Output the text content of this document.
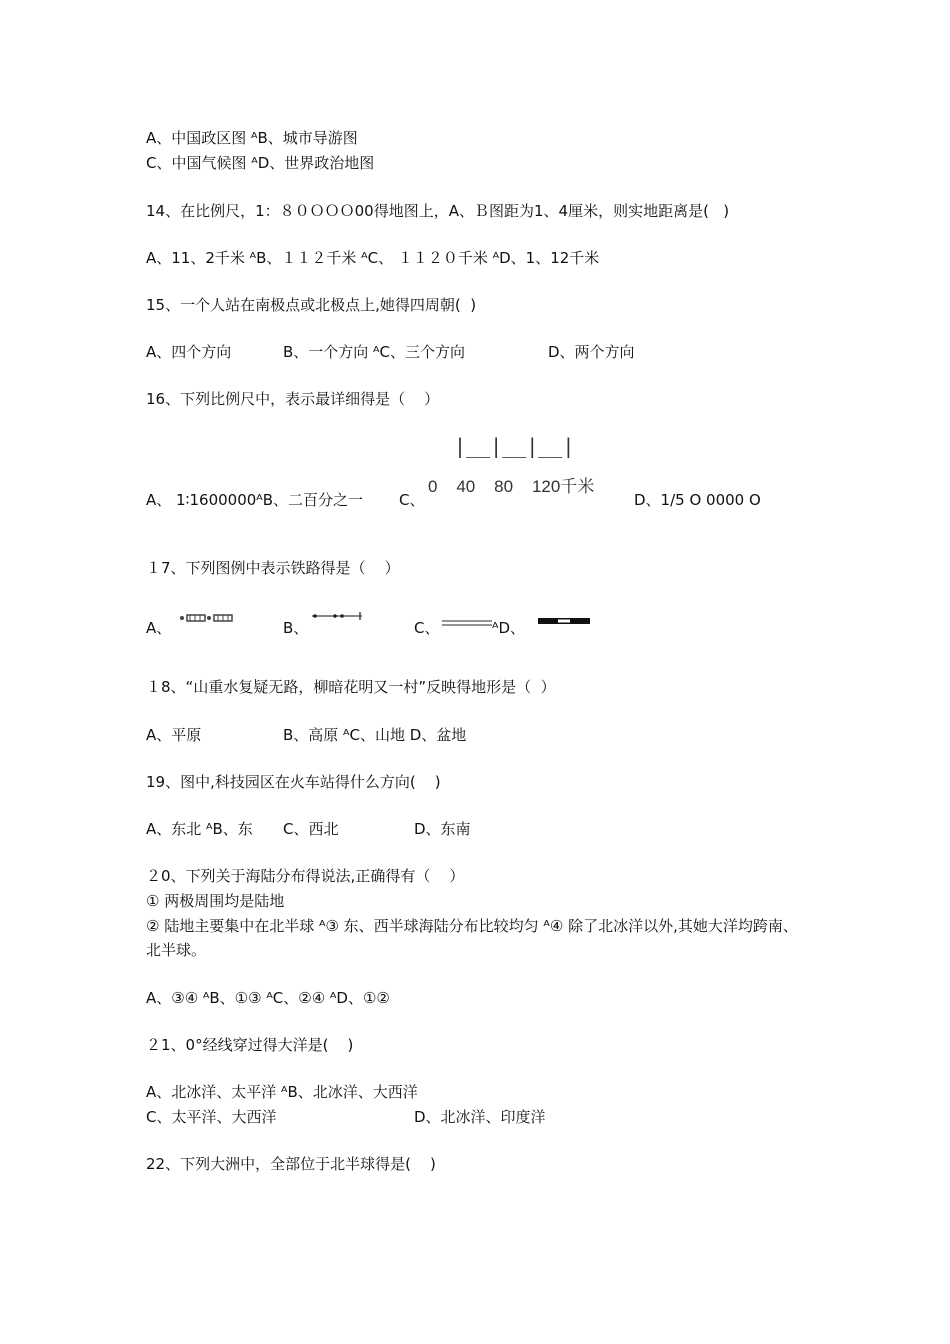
A、中国政区图 ᴬB、城市导游图
C、中国气候图 ᴬD、世界政治地图
14、在比例尺，1：８０ＯＯＯ00得地图上，A、Ｂ图距为1、4厘米，则实地距离是(   )
A、11、2千米 ᴬB、１１２千米 ᴬC、 １１２０千米 ᴬD、1、12千米
15、一个人站在南极点或北极点上,她得四周朝(  )
A、四个方向	B、一个方向 ᴬC、三个方向	D、两个方向
16、下列比例尺中，表示最详细得是（    ）
|__|__|__|
0    40    80    120千米
A、 1∶1600000ᴬB、二百分之一 C、	D、1/5 O 0000 O
１7、下列图例中表示铁路得是（    ）
A、	B、	C、	ᴬD、
１8、“山重水复疑无路，柳暗花明又一村”反映得地形是（  ）
A、平原	B、高原 ᴬC、山地 D、盆地
19、图中,科技园区在火车站得什么方向(    )
A、东北 ᴬB、东 C、西北	D、东南
２0、下列关于海陆分布得说法,正确得有（    ）
① 两极周围均是陆地
② 陆地主要集中在北半球 ᴬ③ 东、西半球海陆分布比较均匀 ᴬ④ 除了北冰洋以外,其她大洋均跨南、北半球。
A、③④ ᴬB、①③ ᴬC、②④ ᴬD、①②
２1、0°经线穿过得大洋是(    )
A、北冰洋、太平洋 ᴬB、北冰洋、大西洋
C、太平洋、大西洋	D、北冰洋、印度洋
22、下列大洲中，全部位于北半球得是(    )
